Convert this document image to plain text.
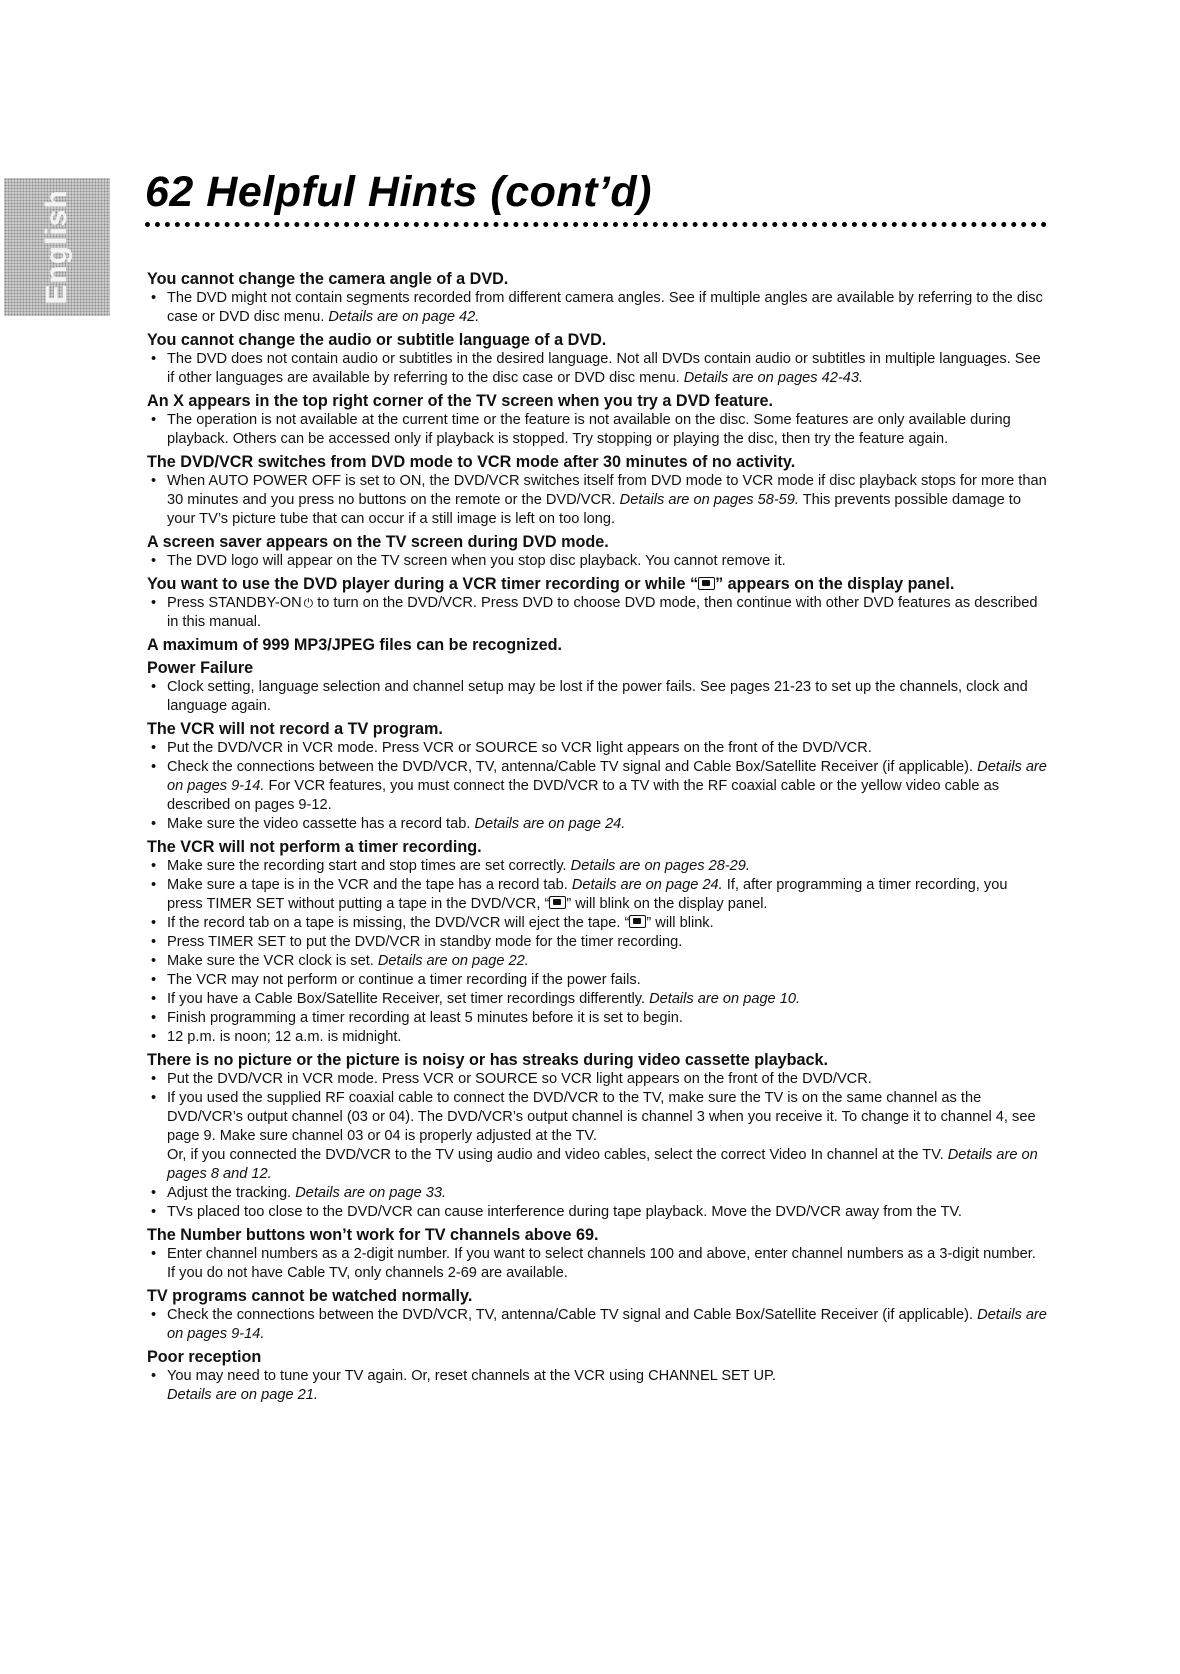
English 62 Helpful Hints (cont’d)

You cannot change the camera angle of a DVD.

• The DVD might not contain segments recorded from different camera angles. See if multiple angles are available by referring to the disc case or DVD disc menu. Details are on page 42.

You cannot change the audio or subtitle language of a DVD.

• The DVD does not contain audio or subtitles in the desired language. Not all DVDs contain audio or subtitles in multiple languages. See if other languages are available by referring to the disc case or DVD disc menu. Details are on pages 42-43.

An X appears in the top right corner of the TV screen when you try a DVD feature.

• The operation is not available at the current time or the feature is not available on the disc. Some features are only available during playback. Others can be accessed only if playback is stopped. Try stopping or playing the disc, then try the feature again.

The DVD/VCR switches from DVD mode to VCR mode after 30 minutes of no activity.

• When AUTO POWER OFF is set to ON, the DVD/VCR switches itself from DVD mode to VCR mode if disc playback stops for more than 30 minutes and you press no buttons on the remote or the DVD/VCR. Details are on pages 58-59. This prevents possible damage to your TV’s picture tube that can occur if a still image is left on too long.

A screen saver appears on the TV screen during DVD mode.

• The DVD logo will appear on the TV screen when you stop disc playback. You cannot remove it.

You want to use the DVD player during a VCR timer recording or while “ ” appears on the display panel.

• Press STANDBY-ON ⏻ to turn on the DVD/VCR. Press DVD to choose DVD mode, then continue with other DVD features as described in this manual.

A maximum of 999 MP3/JPEG files can be recognized.

Power Failure

• Clock setting, language selection and channel setup may be lost if the power fails. See pages 21-23 to set up the channels, clock and language again.

The VCR will not record a TV program.

• Put the DVD/VCR in VCR mode. Press VCR or SOURCE so VCR light appears on the front of the DVD/VCR.
• Check the connections between the DVD/VCR, TV, antenna/Cable TV signal and Cable Box/Satellite Receiver (if applicable). Details are on pages 9-14. For VCR features, you must connect the DVD/VCR to a TV with the RF coaxial cable or the yellow video cable as described on pages 9-12.
• Make sure the video cassette has a record tab. Details are on page 24.

The VCR will not perform a timer recording.

• Make sure the recording start and stop times are set correctly. Details are on pages 28-29.
• Make sure a tape is in the VCR and the tape has a record tab. Details are on page 24. If, after programming a timer recording, you press TIMER SET without putting a tape in the DVD/VCR, “ ” will blink on the display panel.
• If the record tab on a tape is missing, the DVD/VCR will eject the tape. “ ” will blink.
• Press TIMER SET to put the DVD/VCR in standby mode for the timer recording.
• Make sure the VCR clock is set. Details are on page 22.
• The VCR may not perform or continue a timer recording if the power fails.
• If you have a Cable Box/Satellite Receiver, set timer recordings differently. Details are on page 10.
• Finish programming a timer recording at least 5 minutes before it is set to begin.
• 12 p.m. is noon; 12 a.m. is midnight.

There is no picture or the picture is noisy or has streaks during video cassette playback.

• Put the DVD/VCR in VCR mode. Press VCR or SOURCE so VCR light appears on the front of the DVD/VCR.
• If you used the supplied RF coaxial cable to connect the DVD/VCR to the TV, make sure the TV is on the same channel as the DVD/VCR’s output channel (03 or 04). The DVD/VCR’s output channel is channel 3 when you receive it. To change it to channel 4, see page 9. Make sure channel 03 or 04 is properly adjusted at the TV.
Or, if you connected the DVD/VCR to the TV using audio and video cables, select the correct Video In channel at the TV. Details are on pages 8 and 12.
• Adjust the tracking. Details are on page 33.
• TVs placed too close to the DVD/VCR can cause interference during tape playback. Move the DVD/VCR away from the TV.

The Number buttons won’t work for TV channels above 69.

• Enter channel numbers as a 2-digit number. If you want to select channels 100 and above, enter channel numbers as a 3-digit number. If you do not have Cable TV, only channels 2-69 are available.

TV programs cannot be watched normally.

• Check the connections between the DVD/VCR, TV, antenna/Cable TV signal and Cable Box/Satellite Receiver (if applicable). Details are on pages 9-14.

Poor reception

• You may need to tune your TV again. Or, reset channels at the VCR using CHANNEL SET UP.
Details are on page 21.
